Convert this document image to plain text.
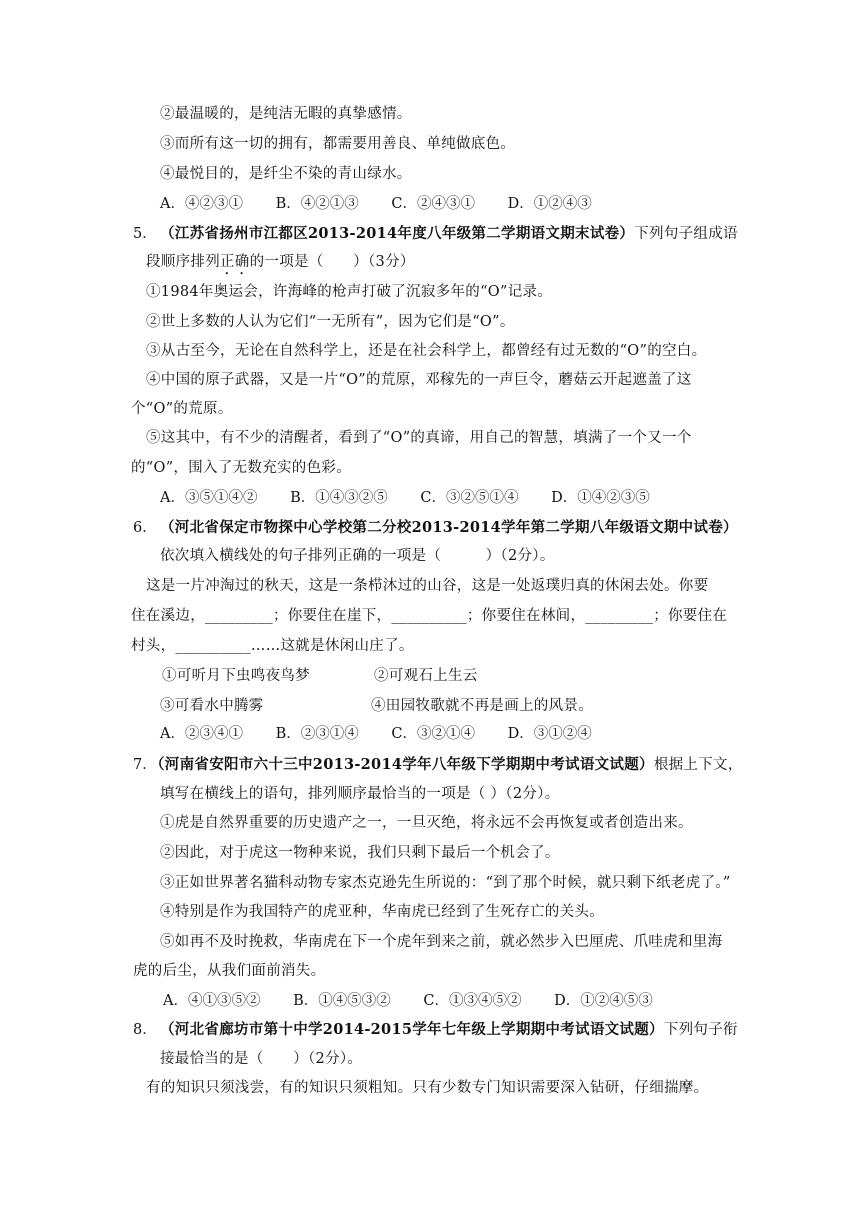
②最温暖的，是纯洁无暇的真挚感情。
③而所有这一切的拥有，都需要用善良、单纯做底色。
④最悦目的，是纤尘不染的青山绿水。
A．④②③① B．④②①③ C．②④③① D．①②④③
5． （江苏省扬州市江都区2013-2014年度八年级第二学期语文期末试卷）下列句子组成语
段顺序排列正确的一项是（　　）（3分）
①1984年奥运会，许海峰的枪声打破了沉寂多年的“O”记录。
②世上多数的人认为它们“一无所有”，因为它们是“O”。
③从古至今，无论在自然科学上，还是在社会科学上，都曾经有过无数的“O”的空白。
④中国的原子武器，又是一片“O”的荒原，邓稼先的一声巨令，蘑菇云开起遮盖了这
个“O”的荒原。
⑤这其中，有不少的清醒者，看到了“O”的真谛，用自己的智慧，填满了一个又一个
的“O”，围入了无数充实的色彩。
A．③⑤①④② B．①④③②⑤ C．③②⑤①④ D．①④②③⑤
6． （河北省保定市物探中心学校第二分校2013-2014学年第二学期八年级语文期中试卷）
依次填入横线处的句子排列正确的一项是（　　　）（2分）。
这是一片冲淘过的秋天，这是一条栉沐过的山谷，这是一处返璞归真的休闲去处。你要
住在溪边，_________；你要住在崖下，__________；你要住在林间，_________；你要住在
村头，__________……这就是休闲山庄了。
①可听月下虫鸣夜鸟梦	②可观石上生云
③可看水中腾雾	④田园牧歌就不再是画上的风景。
A．②③④① B．②③①④ C．③②①④ D．③①②④
7．
（河南省安阳市六十三中2013-2014学年八年级下学期期中考试语文试题）根据上下文，
填写在横线上的语句，排列顺序最恰当的一项是（ ）（2分）。
①虎是自然界重要的历史遗产之一，一旦灭绝，将永远不会再恢复或者创造出来。
②因此，对于虎这一物种来说，我们只剩下最后一个机会了。
③正如世界著名猫科动物专家杰克逊先生所说的：“到了那个时候，就只剩下纸老虎了。”
④特别是作为我国特产的虎亚种，华南虎已经到了生死存亡的关头。
⑤如再不及时挽救，华南虎在下一个虎年到来之前，就必然步入巴厘虎、爪哇虎和里海
虎的后尘，从我们面前消失。
A．④①③⑤② B．①④⑤③② C．①③④⑤② D．①②④⑤③
8． （河北省廊坊市第十中学2014-2015学年七年级上学期期中考试语文试题）下列句子衔
接最恰当的是（　　）（2分）。
有的知识只须浅尝，有的知识只须粗知。只有少数专门知识需要深入钻研，仔细揣摩。
